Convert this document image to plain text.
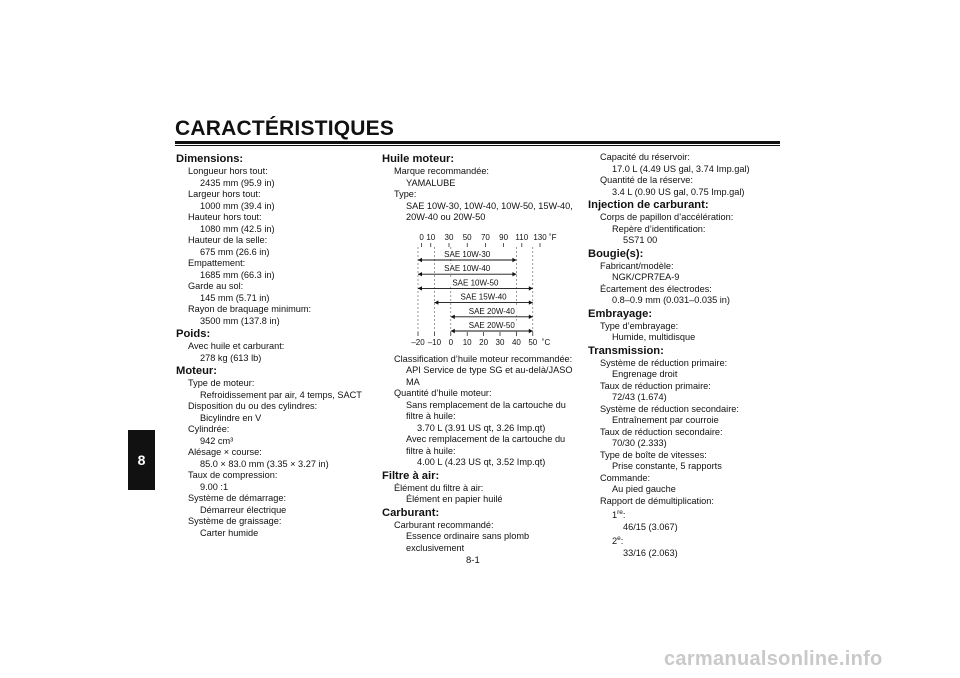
CARACTÉRISTIQUES
8
Dimensions:
Longueur hors tout:
2435 mm (95.9 in)
Largeur hors tout:
1000 mm (39.4 in)
Hauteur hors tout:
1080 mm (42.5 in)
Hauteur de la selle:
675 mm (26.6 in)
Empattement:
1685 mm (66.3 in)
Garde au sol:
145 mm (5.71 in)
Rayon de braquage minimum:
3500 mm (137.8 in)
Poids:
Avec huile et carburant:
278 kg (613 lb)
Moteur:
Type de moteur:
Refroidissement par air, 4 temps, SACT
Disposition du ou des cylindres:
Bicylindre en V
Cylindrée:
942 cm³
Alésage × course:
85.0 × 83.0 mm (3.35 × 3.27 in)
Taux de compression:
9.00 :1
Système de démarrage:
Démarreur électrique
Système de graissage:
Carter humide
Huile moteur:
Marque recommandée:
YAMALUBE
Type:
SAE 10W-30, 10W-40, 10W-50, 15W-40,
20W-40 ou 20W-50
0 10 30 50 70 90 110 130 ˚F
–20 –10 0 10 20 30 40 50 ˚C
SAE 10W-30
SAE 10W-40
SAE 10W-50
SAE 15W-40
SAE 20W-40
SAE 20W-50
Classification d’huile moteur recommandée:
API Service de type SG et au-delà/JASO
MA
Quantité d’huile moteur:
Sans remplacement de la cartouche du
filtre à huile:
3.70 L (3.91 US qt, 3.26 Imp.qt)
Avec remplacement de la cartouche du
filtre à huile:
4.00 L (4.23 US qt, 3.52 Imp.qt)
Filtre à air:
Élément du filtre à air:
Élément en papier huilé
Carburant:
Carburant recommandé:
Essence ordinaire sans plomb
exclusivement
Capacité du réservoir:
17.0 L (4.49 US gal, 3.74 Imp.gal)
Quantité de la réserve:
3.4 L (0.90 US gal, 0.75 Imp.gal)
Injection de carburant:
Corps de papillon d’accélération:
Repère d’identification:
5S71 00
Bougie(s):
Fabricant/modèle:
NGK/CPR7EA-9
Écartement des électrodes:
0.8–0.9 mm (0.031–0.035 in)
Embrayage:
Type d’embrayage:
Humide, multidisque
Transmission:
Système de réduction primaire:
Engrenage droit
Taux de réduction primaire:
72/43 (1.674)
Système de réduction secondaire:
Entraînement par courroie
Taux de réduction secondaire:
70/30 (2.333)
Type de boîte de vitesses:
Prise constante, 5 rapports
Commande:
Au pied gauche
Rapport de démultiplication:
1re:
46/15 (3.067)
2e:
33/16 (2.063)
8-1
carmanualsonline.info
